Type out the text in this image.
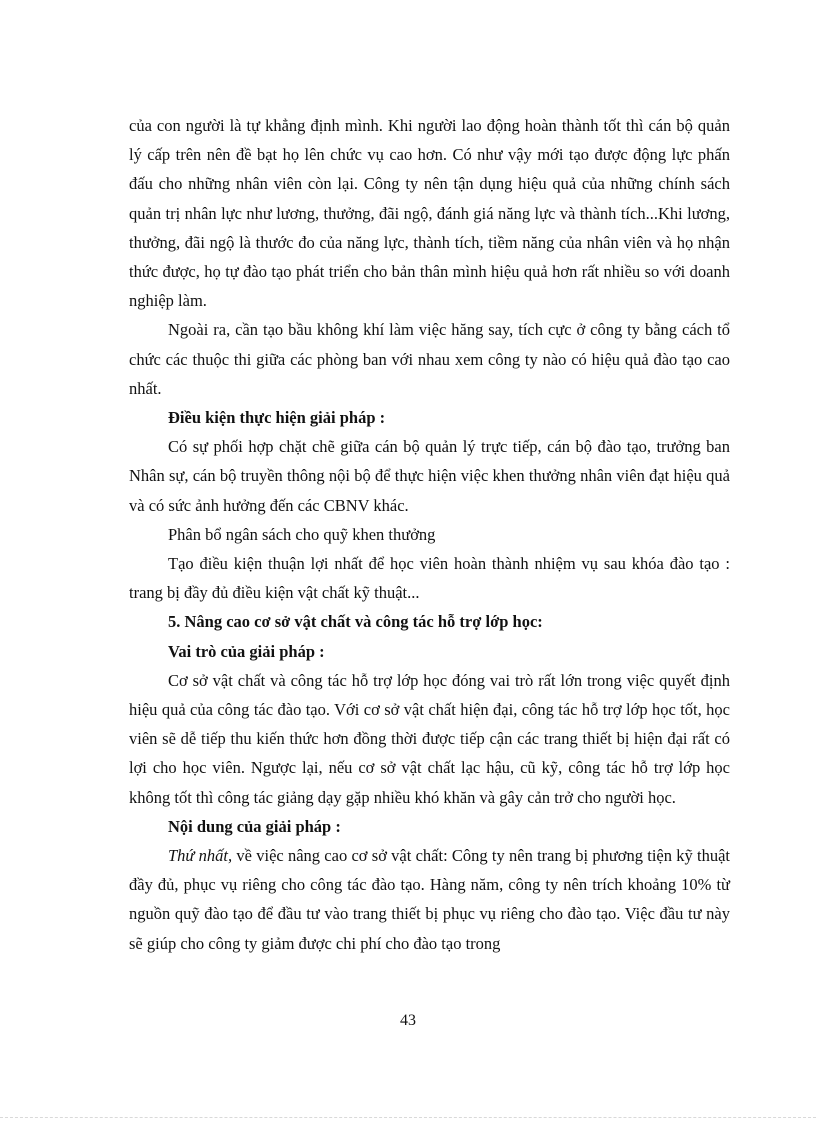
của con người là tự khẳng định mình. Khi người lao động hoàn thành tốt thì cán bộ quản lý cấp trên nên đề bạt họ lên chức vụ cao hơn. Có như vậy mới tạo được động lực phấn đấu cho những nhân viên còn lại. Công ty nên tận dụng hiệu quả của những chính sách quản trị nhân lực như lương, thưởng, đãi ngộ, đánh giá năng lực và thành tích...Khi lương, thưởng, đãi ngộ là thước đo của năng lực, thành tích, tiềm năng của nhân viên và họ nhận thức được, họ tự đào tạo phát triển cho bản thân mình hiệu quả hơn rất nhiều so với doanh nghiệp làm.

Ngoài ra, cần tạo bầu không khí làm việc hăng say, tích cực ở công ty bằng cách tổ chức các thuộc thi giữa các phòng ban với nhau xem công ty nào có hiệu quả đào tạo cao nhất.

Điều kiện thực hiện giải pháp :

Có sự phối hợp chặt chẽ giữa cán bộ quản lý trực tiếp, cán bộ đào tạo, trưởng ban Nhân sự, cán bộ truyền thông nội bộ để thực hiện việc khen thưởng nhân viên đạt hiệu quả và có sức ảnh hưởng đến các CBNV khác.

Phân bổ ngân sách cho quỹ khen thưởng

Tạo điều kiện thuận lợi nhất để học viên hoàn thành nhiệm vụ sau khóa đào tạo : trang bị đầy đủ điều kiện vật chất kỹ thuật...

5. Nâng cao cơ sở vật chất và công tác hỗ trợ lớp học:

Vai trò của giải pháp :

Cơ sở vật chất và công tác hỗ trợ lớp học đóng vai trò rất lớn trong việc quyết định hiệu quả của công tác đào tạo. Với cơ sở vật chất hiện đại, công tác hỗ trợ lớp học tốt, học viên sẽ dễ tiếp thu kiến thức hơn đồng thời được tiếp cận các trang thiết bị hiện đại rất có lợi cho học viên. Ngược lại, nếu cơ sở vật chất lạc hậu, cũ kỹ, công tác hỗ trợ lớp học không tốt thì công tác giảng dạy gặp nhiều khó khăn và gây cản trở cho người học.

Nội dung của giải pháp :

Thứ nhất, về việc nâng cao cơ sở vật chất: Công ty nên trang bị phương tiện kỹ thuật đầy đủ, phục vụ riêng cho công tác đào tạo. Hàng năm, công ty nên trích khoảng 10% từ nguồn quỹ đào tạo để đầu tư vào trang thiết bị phục vụ riêng cho đào tạo. Việc đầu tư này sẽ giúp cho công ty giảm được chi phí cho đào tạo trong

43
